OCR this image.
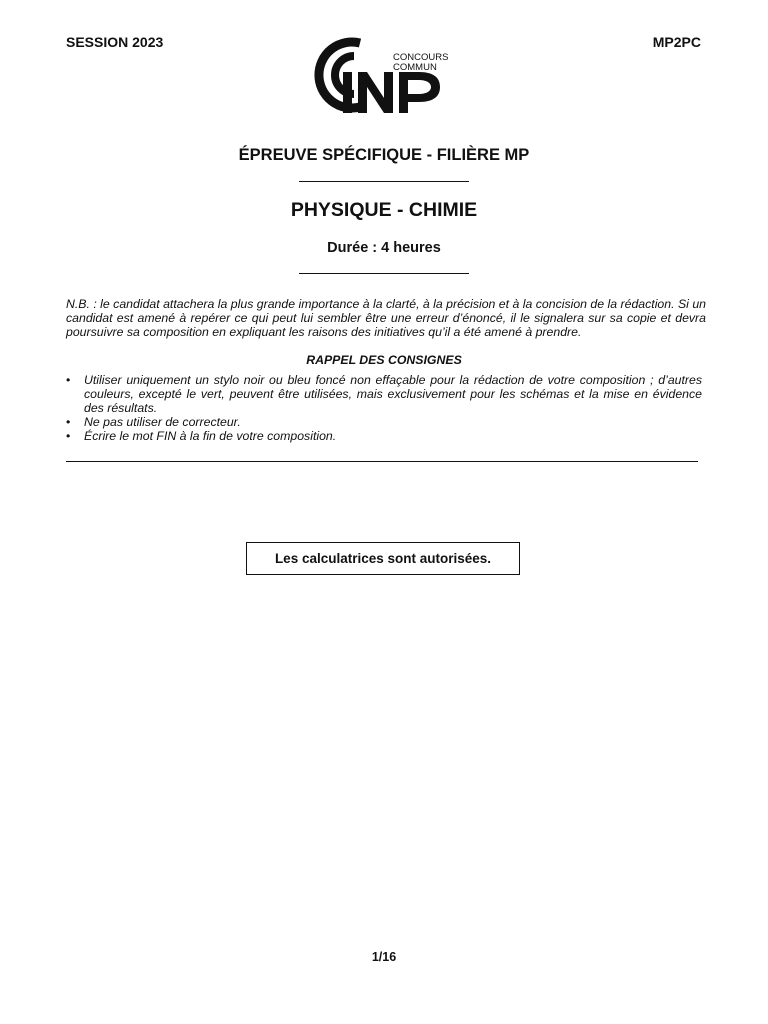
SESSION 2023	MP2PC
CONCOURS
COMMUN
ÉPREUVE SPÉCIFIQUE - FILIÈRE MP
PHYSIQUE - CHIMIE
Durée : 4 heures

N.B. : le candidat attachera la plus grande importance à la clarté, à la précision et à la concision de la rédaction. Si un candidat est amené à repérer ce qui peut lui sembler être une erreur d’énoncé, il le signalera sur sa copie et devra poursuivre sa composition en expliquant les raisons des initiatives qu’il a été amené à prendre.

RAPPEL DES CONSIGNES
• Utiliser uniquement un stylo noir ou bleu foncé non effaçable pour la rédaction de votre composition ; d’autres couleurs, excepté le vert, peuvent être utilisées, mais exclusivement pour les schémas et la mise en évidence des résultats.
• Ne pas utiliser de correcteur.
• Écrire le mot FIN à la fin de votre composition.
Les calculatrices sont autorisées.
1/16
